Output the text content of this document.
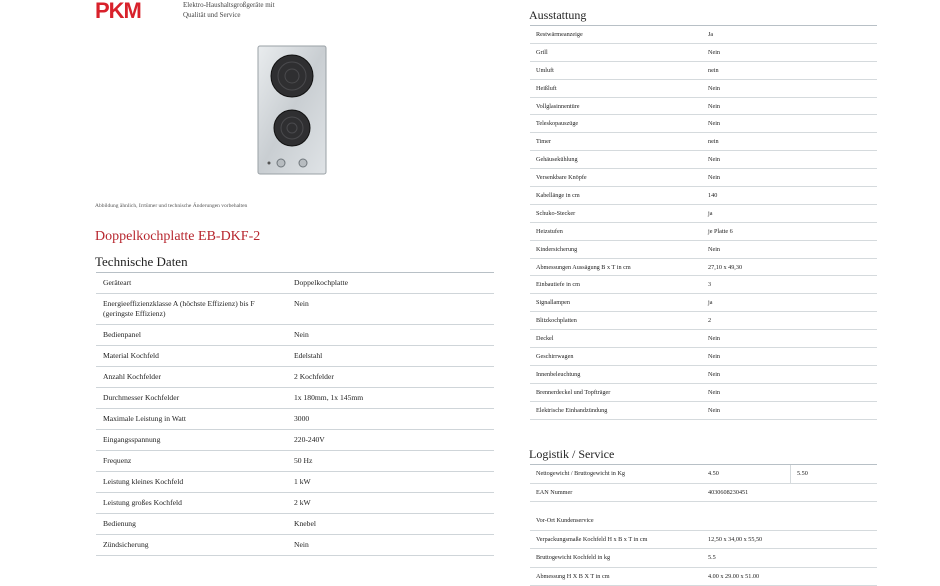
PKM	Elektro-Haushaltsgroßgeräte mit
Qualität und Service
Abbildung ähnlich, Irrtümer und technische Änderungen vorbehalten
Doppelkochplatte EB-DKF-2
Technische Daten
Geräteart	Doppelkochplatte
Energieeffizienzklasse A (höchste Effizienz) bis F (geringste Effizienz)	Nein
Bedienpanel	Nein
Material Kochfeld	Edelstahl
Anzahl Kochfelder	2 Kochfelder
Durchmesser Kochfelder	1x 180mm, 1x 145mm
Maximale Leistung in Watt	3000
Eingangsspannung	220-240V
Frequenz	50 Hz
Leistung kleines Kochfeld	1 kW
Leistung großes Kochfeld	2 kW
Bedienung	Knebel
Zündsicherung	Nein
Ausstattung
Restwärmeanzeige	Ja
Grill	Nein
Umluft	nein
Heißluft	Nein
Vollglasinnentüre	Nein
Teleskopauszüge	Nein
Timer	nein
Gehäusekühlung	Nein
Versenkbare Knöpfe	Nein
Kabellänge in cm	140
Schuko-Stecker	ja
Heizstufen	je Platte 6
Kindersicherung	Nein
Abmessungen Aussägung B x T in cm	27,10 x 49,30
Einbautiefe in cm	3
Signallampen	ja
Blitzkochplatten	2
Deckel	Nein
Geschirrwagen	Nein
Innenbeleuchtung	Nein
Brennerdeckel und Topfträger	Nein
Elektrische Einhandzündung	Nein
Logistik / Service
Nettogewicht / Bruttogewicht in Kg	4.50	5.50
EAN Nummer	4030608230451	

Vor-Ort Kundenservice		
Verpackungsmaße Kochfeld H x B x T in cm	12,50 x 34,00 x 55,50	
Bruttogewicht Kochfeld in kg	5.5	
Abmessung H X B X T in cm	4.00 x 29.00 x 51.00	
